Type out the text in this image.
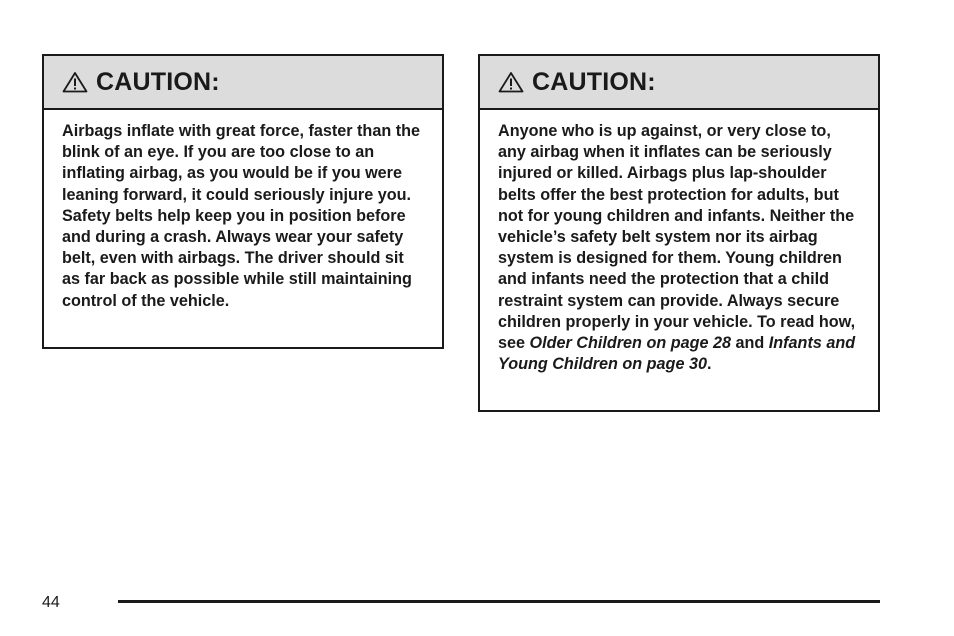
CAUTION:

Airbags inflate with great force, faster than the blink of an eye. If you are too close to an inflating airbag, as you would be if you were leaning forward, it could seriously injure you. Safety belts help keep you in position before and during a crash. Always wear your safety belt, even with airbags. The driver should sit as far back as possible while still maintaining control of the vehicle.

CAUTION:

Anyone who is up against, or very close to, any airbag when it inflates can be seriously injured or killed. Airbags plus lap-shoulder belts offer the best protection for adults, but not for young children and infants. Neither the vehicle’s safety belt system nor its airbag system is designed for them. Young children and infants need the protection that a child restraint system can provide. Always secure children properly in your vehicle. To read how, see Older Children on page 28 and Infants and Young Children on page 30.

44
